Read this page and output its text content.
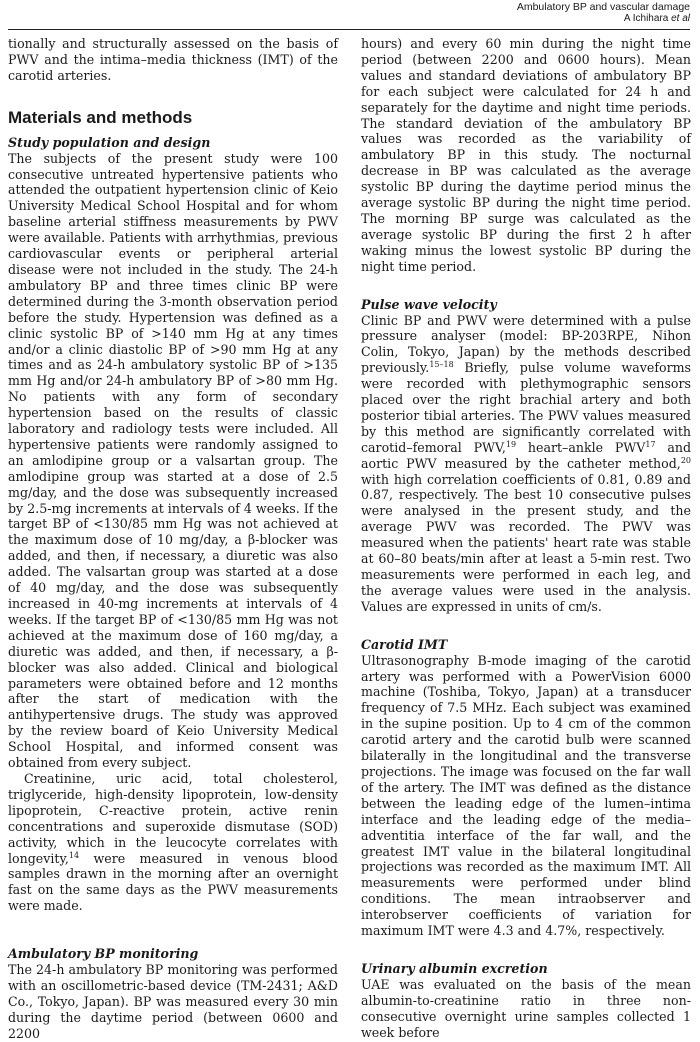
Ambulatory BP and vascular damage
A Ichihara et al

tionally and structurally assessed on the basis of PWV and the intima–media thickness (IMT) of the carotid arteries.

Materials and methods
Study population and design

The subjects of the present study were 100 consecutive untreated hypertensive patients who attended the outpatient hypertension clinic of Keio University Medical School Hospital and for whom baseline arterial stiffness measurements by PWV were available. Patients with arrhythmias, previous cardiovascular events or peripheral arterial disease were not included in the study. The 24-h ambulatory BP and three times clinic BP were determined during the 3-month observation period before the study. Hypertension was defined as a clinic systolic BP of >140 mm Hg at any times and/or a clinic diastolic BP of >90 mm Hg at any times and as 24-h ambulatory systolic BP of >135 mm Hg and/or 24-h ambulatory BP of >80 mm Hg. No patients with any form of secondary hypertension based on the results of classic laboratory and radiology tests were included. All hypertensive patients were randomly assigned to an amlodipine group or a valsartan group. The amlodipine group was started at a dose of 2.5 mg/day, and the dose was subsequently increased by 2.5-mg increments at intervals of 4 weeks. If the target BP of <130/85 mm Hg was not achieved at the maximum dose of 10 mg/day, a β-blocker was added, and then, if necessary, a diuretic was also added. The valsartan group was started at a dose of 40 mg/day, and the dose was subsequently increased in 40-mg increments at intervals of 4 weeks. If the target BP of <130/85 mm Hg was not achieved at the maximum dose of 160 mg/day, a diuretic was added, and then, if necessary, a β-blocker was also added. Clinical and biological parameters were obtained before and 12 months after the start of medication with the antihypertensive drugs. The study was approved by the review board of Keio University Medical School Hospital, and informed consent was obtained from every subject.

Creatinine, uric acid, total cholesterol, triglyceride, high-density lipoprotein, low-density lipoprotein, C-reactive protein, active renin concentrations and superoxide dismutase (SOD) activity, which in the leucocyte correlates with longevity,$^{14}$ were measured in venous blood samples drawn in the morning after an overnight fast on the same days as the PWV measurements were made.

Ambulatory BP monitoring

The 24-h ambulatory BP monitoring was performed with an oscillometric-based device (TM-2431; A&D Co., Tokyo, Japan). BP was measured every 30 min during the daytime period (between 0600 and 2200

hours) and every 60 min during the night time period (between 2200 and 0600 hours). Mean values and standard deviations of ambulatory BP for each subject were calculated for 24 h and separately for the daytime and night time periods. The standard deviation of the ambulatory BP values was recorded as the variability of ambulatory BP in this study. The nocturnal decrease in BP was calculated as the average systolic BP during the daytime period minus the average systolic BP during the night time period. The morning BP surge was calculated as the average systolic BP during the first 2 h after waking minus the lowest systolic BP during the night time period.

Pulse wave velocity

Clinic BP and PWV were determined with a pulse pressure analyser (model: BP-203RPE, Nihon Colin, Tokyo, Japan) by the methods described previously.$^{15-18}$ Briefly, pulse volume waveforms were recorded with plethymographic sensors placed over the right brachial artery and both posterior tibial arteries. The PWV values measured by this method are significantly correlated with carotid–femoral PWV,$^{19}$ heart–ankle PWV$^{17}$ and aortic PWV measured by the catheter method,$^{20}$ with high correlation coefficients of 0.81, 0.89 and 0.87, respectively. The best 10 consecutive pulses were analysed in the present study, and the average PWV was recorded. The PWV was measured when the patients' heart rate was stable at 60–80 beats/min after at least a 5-min rest. Two measurements were performed in each leg, and the average values were used in the analysis. Values are expressed in units of cm/s.

Carotid IMT

Ultrasonography B-mode imaging of the carotid artery was performed with a PowerVision 6000 machine (Toshiba, Tokyo, Japan) at a transducer frequency of 7.5 MHz. Each subject was examined in the supine position. Up to 4 cm of the common carotid artery and the carotid bulb were scanned bilaterally in the longitudinal and the transverse projections. The image was focused on the far wall of the artery. The IMT was defined as the distance between the leading edge of the lumen–intima interface and the leading edge of the media–adventitia interface of the far wall, and the greatest IMT value in the bilateral longitudinal projections was recorded as the maximum IMT. All measurements were performed under blind conditions. The mean intraobserver and interobserver coefficients of variation for maximum IMT were 4.3 and 4.7%, respectively.

Urinary albumin excretion

UAE was evaluated on the basis of the mean albumin-to-creatinine ratio in three non-consecutive overnight urine samples collected 1 week before
